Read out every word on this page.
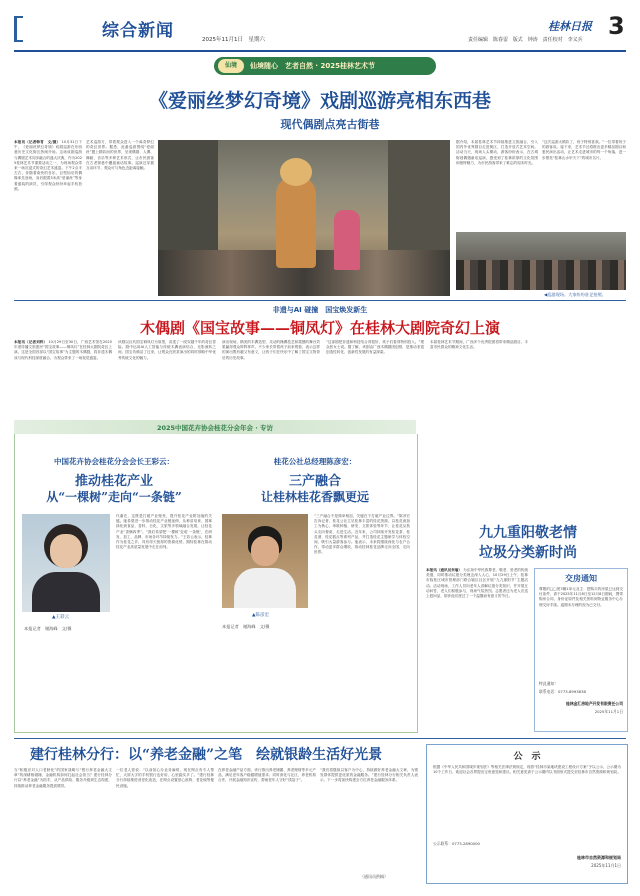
综合新闻	2025年11月1日　星期六
桂林日报 3
责任编辑　陈春雷 版式　钟涛 责任校对　李义兵
仙境	仙境随心　艺者自然 · 2025桂林艺术节
《爱丽丝梦幻奇境》戏剧巡游亮相东西巷
现代偶剧点亮古街巷
本报讯（记者韩青　文/摄） 10月31日下午，《爱丽丝梦幻奇境》戏剧巡游在东西巷历史文化街区热闹开场。这场戏剧巡游与偶剧艺术同步融合的盛大庆典，作为2025桂林艺术节重要活动之一，为现场观众带来一场沉浸式的奇幻艺术盛宴。下午2点半左右，伴随着欢快的音乐，巨型仙后的偶像率先登场，身后跟着3米高“爱丽丝”等身着盛装的演员，引得观众纷纷举起手机拍照。
艺术巡游方，带着观众进入一个离奇梦幻的奇幻世界。据悉，此番巡游围绕“爱丽丝”题上精彩而的世界，呈现偶剧、人偶、舞蹈、音乐等多种艺术形式，让市民游客在古老街巷中邂逅童话故事。巡演还穿插互动环节，观众可与角色近距离接触。
据介绍，本届桂林艺术节持续推进文旅融合，引入国内外优秀剧目走进街区，打造开放式艺术空间。活动当天，现场人头攒动，游客纷纷表示，在古城街巷偶遇童话巡演，感受到了桂林浓厚的文化氛围和独特魅力，为市民游客带来了难忘的周末时光。
“这次巡游太精彩了，孩子特别喜欢。”一位带着孩子的游客说。接下来，艺术节还将推出更多精品剧目和惠民演出活动，让艺术走进城市的每一个角落，进一步擦亮“桂林山水甲天下”的城市名片。
◀巡游现场。大家纷纷驻足拍照。
非遗与AI 碰撞　国宝焕发新生
木偶剧《国宝故事——铜凤灯》在桂林大剧院奇幻上演
本报讯（记者刘梓） 10月29日至30日，广西艺术馆在2025年度传播文旅惠民“国宝故事——铜凤灯”在桂林大剧院奇幻上演。这是全国首部以“国宝故事”为主题的木偶剧，将非遗木偶戏与现代科技深度融合，为观众带来了一场视觉盛宴。
该剧以汉代国宝铜凤灯为原型，讲述了一段穿越千年的奇幻冒险。剧中运用AI人工智能与传统木偶表演结合，光影流转之间，国宝仿佛活了过来，让观众在欣赏演出的同时领略中华优秀传统文化的魅力。
演出现场，精美的木偶造型、灵动的操偶技艺和震撼的舞台效果赢得观众阵阵掌声。不少家长带着孩子前来观看，表示这样的演出既有趣又有意义，让孩子们在快乐中了解了国宝文物背后的历史故事。
“这部剧把非遗和科技结合得很好，孩子们看得特别投入。”观众张女士说。据了解，该剧由广西木偶剧团创排，是推动非遗创造性转化、创新性发展的有益探索。
本届桂林艺术节期间，广西多个优秀院团将带来精品剧目，丰富市民群众的精神文化生活。
2025中国花卉协会桂花分会年会 · 专访
中国花卉协会桂花分会会长王彩云：
推动桂花产业
从“一棵树”走向“一条链”
▲王彩云
本报记者　谢海峰　文/摄
代谢在，这既是打破产业壁垒，提升桂花产业附加值的关键。她希望进一步推动桂花产业链延伸，从种苗培育、园林绿化到食品、香料、日化、文旅等多领域融合发展，让桂花产业“香飘四季”。“我们希望把‘一棵树’变成‘一条链’，在研发、加工、品牌、市场各环节持续发力。”王彩云表示，桂林作为桂花之乡，具有得天独厚的资源优势，期待桂林在推动桂花产业高质量发展中走在前列。
桂花公社总经理陈彦宏：
三产融合
让桂林桂花香飘更远
▲陈彦宏
本报记者　谢海峰　文/摄
“三产融合不是简单相加，关键在于打破产业边界。”陈彦宏告诉记者，桂花公社立足桂林丰富的桂花资源，以桂花深加工为核心，串联种植、研发、文旅体验等环节，让桂花从枝头走向餐桌、走进生活。近年来，公司持续开发桂花茶、桂花酒、桂花糕点等系列产品，并打造桂花主题研学与体验空间，吸引大量游客参与。他表示，未来将继续深化与农户合作，带动更多群众增收，推动桂林桂花品牌走向全国、走向世界。
九九重阳敬老情
垃圾分类新时尚
本报讯（通讯员朱瑜） 为弘扬中华民族尊老、敬老、爱老的传统美德，同时推动垃圾分类理念深入人心，10月29日上午，桂林市临桂区城市管理部门联合辖区社区开展“九九重阳节”主题活动。活动现场，工作人员向老年人讲解垃圾分类知识，并开展互动问答，老人们积极参与，现场气氛热烈。志愿者还为老人们送上慰问品，陪伴他们度过了一个温馨而有意义的节日。
交房通知
尊敬的□□苑7幢1单元业主：您购买的房屋已达到交付条件，请于2025年11月8日至12月8日期间，携带购房合同、身份证原件及相关资料到物业服务中心办理交房手续。逾期未办理的视为已交付。
特此通知！
联系电话：0773-8993838
桂林金汇房地产开发有限责任公司
2025年11月1日
建行桂林分行：以“养老金融”之笔　绘就银龄生活好光景
当“积极应对人口老龄化”的国家战略与“银行养老金融大文章”的深耕相碰撞，金融机构如何扛起社会担当？建行桂林分行以“养老金融”为抓手，从产品供给、服务升级到生态构建，持续推动养老金融服务提质增效。
一位老人曾说：“以前担心办业务麻烦，现在网点有专人帮忙，大屏大字的手机银行也好用，心里踏实多了。”建行桂林分行持续推进适老化改造，在网点设置爱心座椅、老花镜等便民设施。
在养老金融产品方面，该行推出养老储蓄、养老理财等多元产品，满足老年客户稳健增值需求；同时深化与社区、养老机构合作，开展金融知识宣传，帮助老年人守好“钱袋子”。
“我们将继续以客户为中心，持续做好养老金融大文章，为银发群体提供更优质的金融服务。”建行桂林分行相关负责人表示，下一步将加快构建全方位养老金融服务体系。
（通讯员供稿）
公　示
根据《中华人民共和国城乡规划法》等相关法律法规规定，现将“桂林市某地块建设工程设计方案”予以公示，公示期为10个工作日，欢迎社会各界提出宝贵意见和建议。相关意见请于公示期内以书面形式提交至桂林市自然资源和规划局。
公示联系：0773-2890000
桂林市自然资源和规划局
2025年11月1日
